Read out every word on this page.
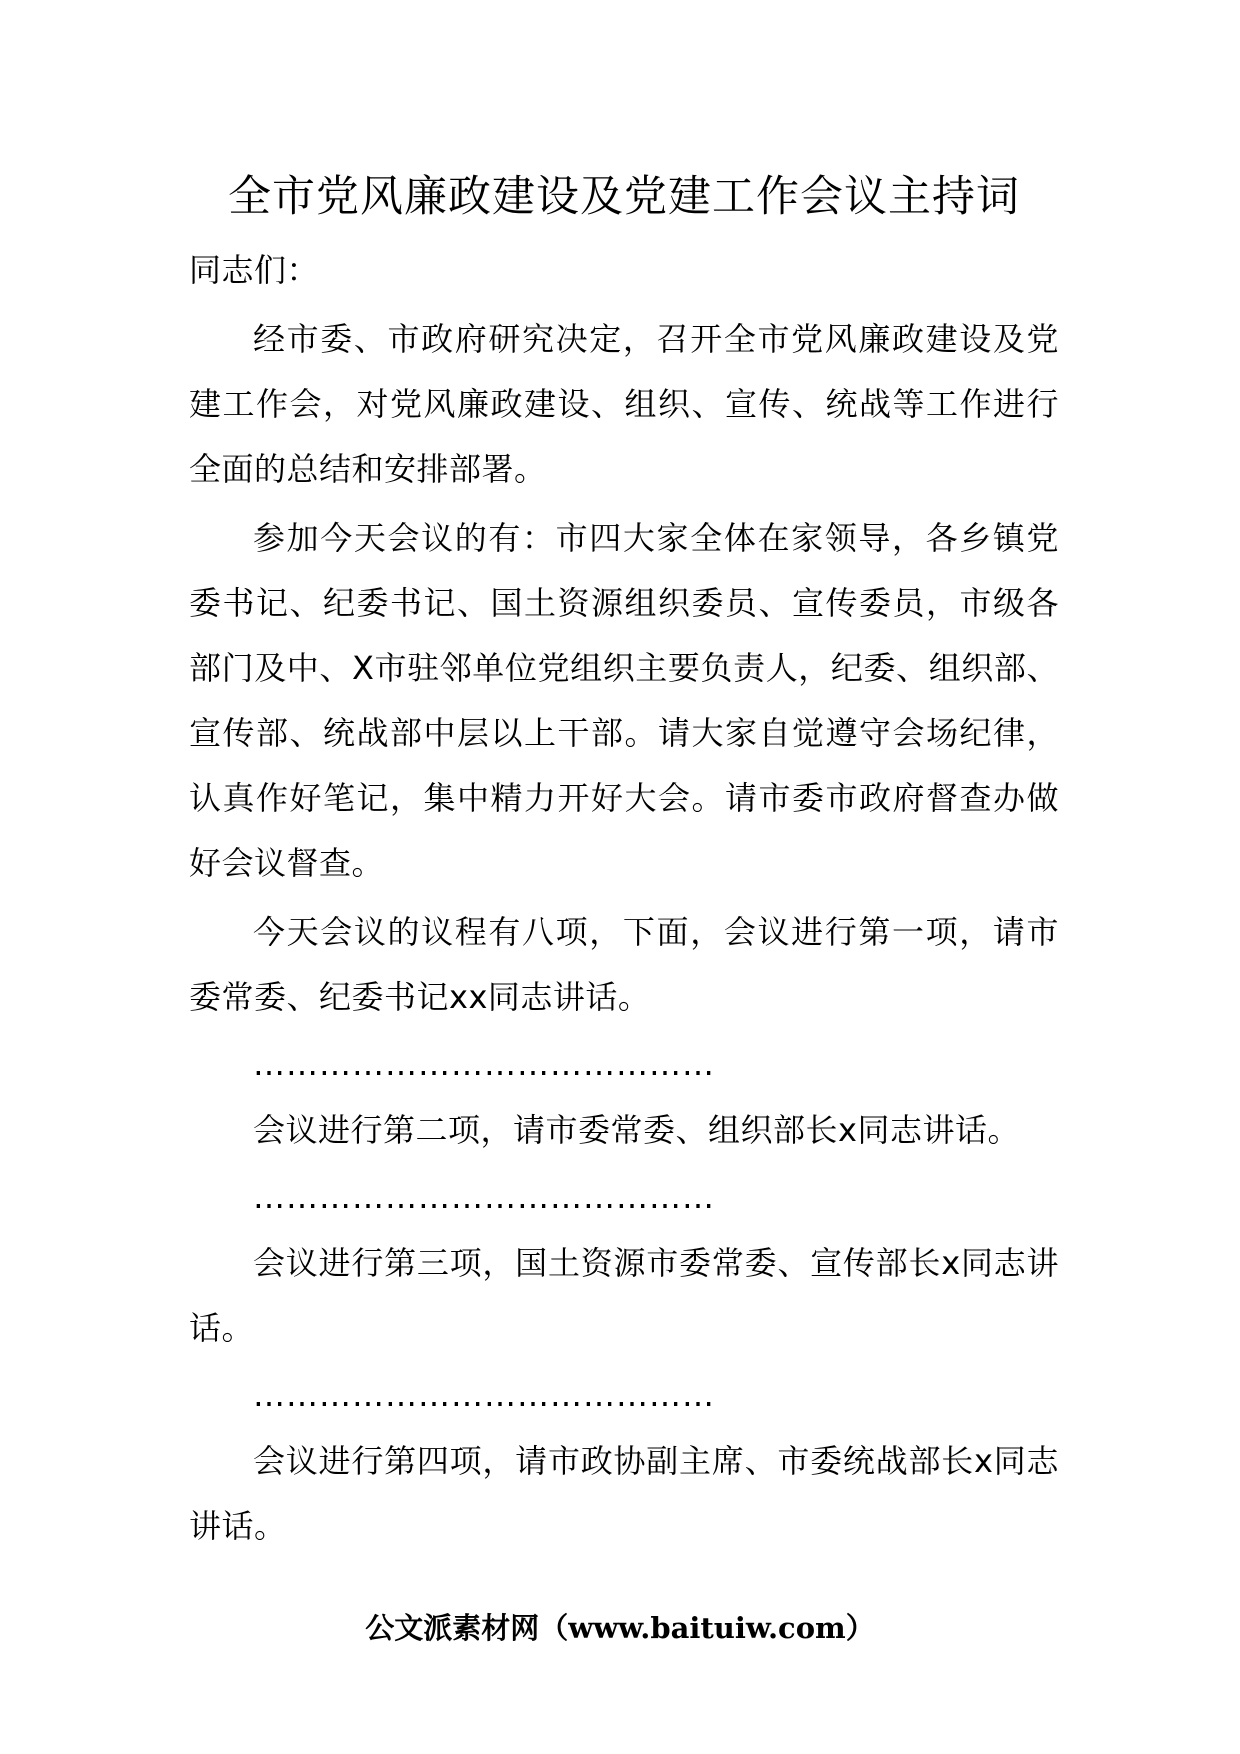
全市党风廉政建设及党建工作会议主持词

同志们：

经市委、市政府研究决定，召开全市党风廉政建设及党建工作会，对党风廉政建设、组织、宣传、统战等工作进行全面的总结和安排部署。

参加今天会议的有：市四大家全体在家领导，各乡镇党委书记、纪委书记、国土资源组织委员、宣传委员，市级各部门及中、X市驻邻单位党组织主要负责人，纪委、组织部、宣传部、统战部中层以上干部。请大家自觉遵守会场纪律，认真作好笔记，集中精力开好大会。请市委市政府督查办做好会议督查。

今天会议的议程有八项，下面，会议进行第一项，请市委常委、纪委书记xx同志讲话。

……………………………………

会议进行第二项，请市委常委、组织部长x同志讲话。

……………………………………

会议进行第三项，国土资源市委常委、宣传部长x同志讲话。

……………………………………

会议进行第四项，请市政协副主席、市委统战部长x同志讲话。

公文派素材网（www.baituiw.com）
